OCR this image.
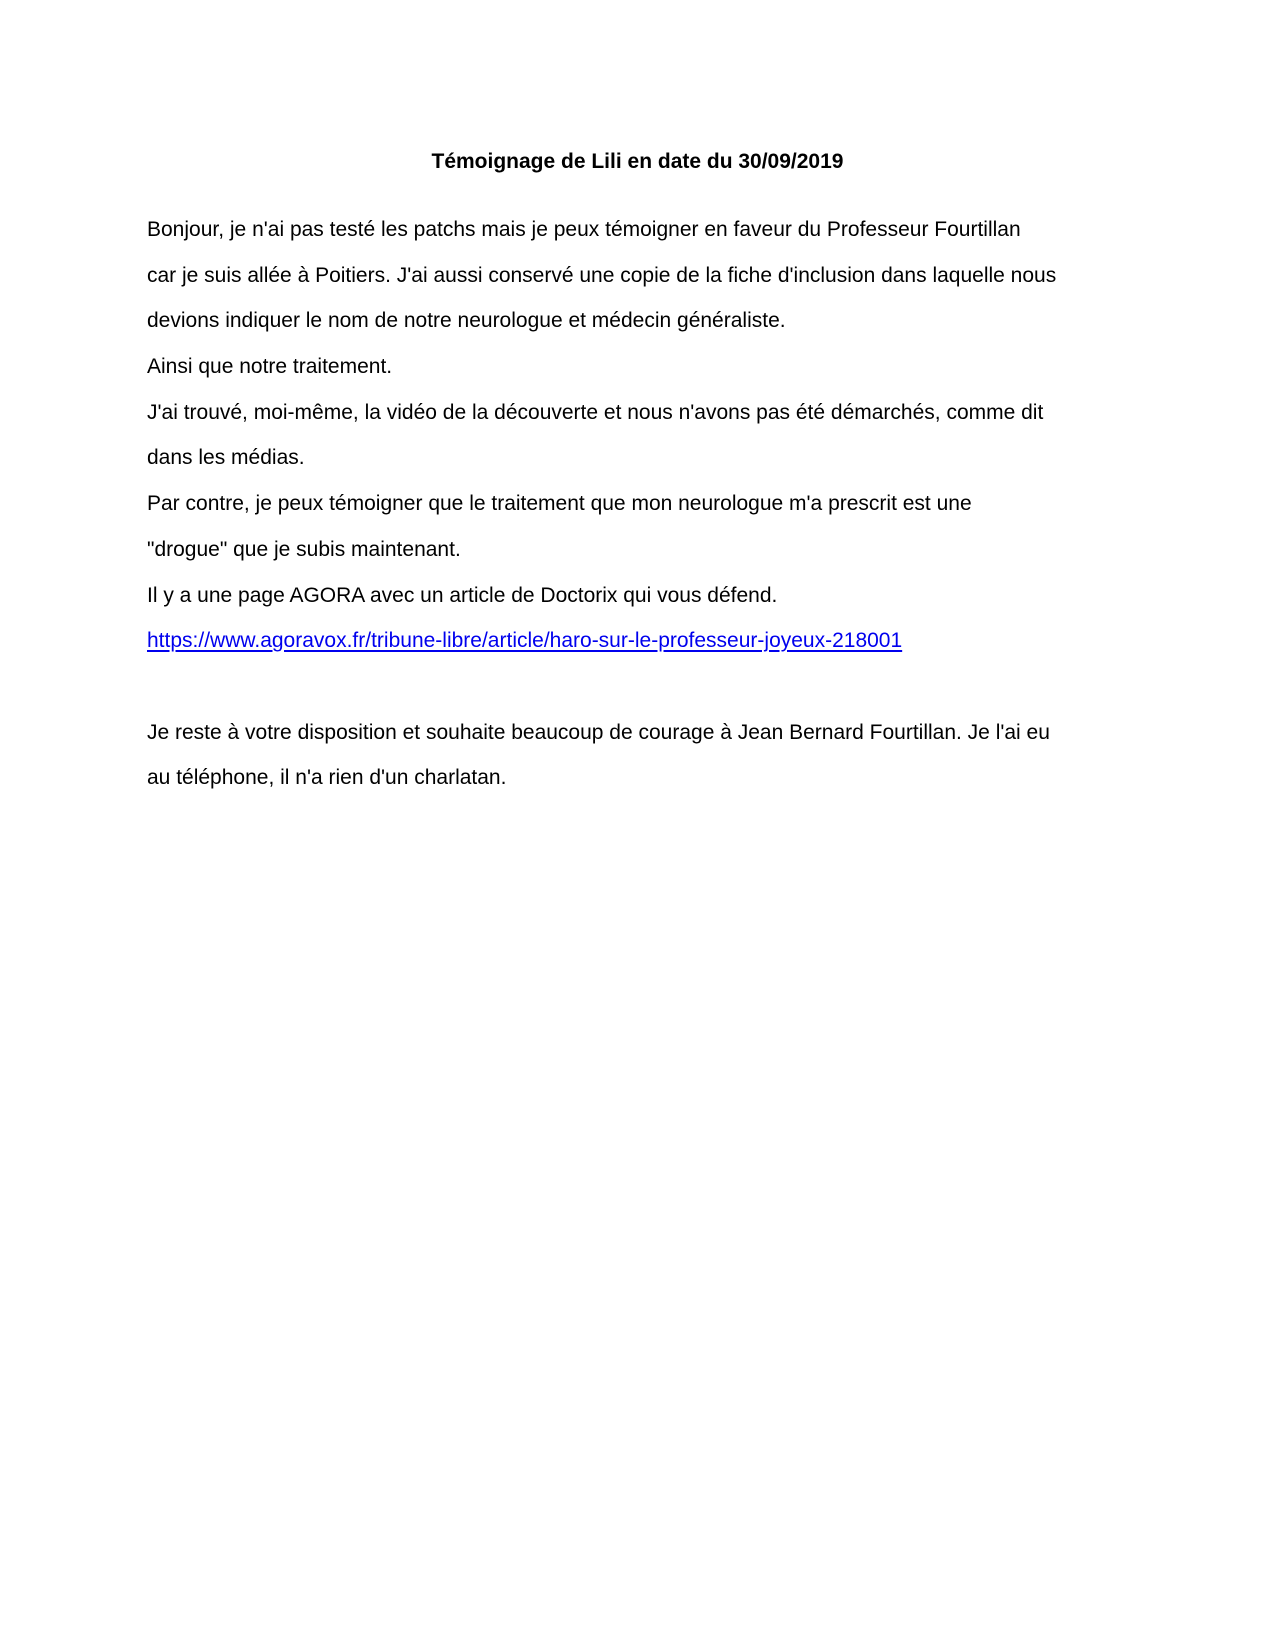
Témoignage de Lili en date du 30/09/2019
Bonjour, je n'ai pas testé les patchs mais je peux témoigner en faveur du Professeur Fourtillan
car je suis allée à Poitiers. J'ai aussi conservé une copie de la fiche d'inclusion dans laquelle nous
devions indiquer le nom de notre neurologue et médecin généraliste.
Ainsi que notre traitement.
J'ai trouvé, moi-même, la vidéo de la découverte et nous n'avons pas été démarchés, comme dit
dans les médias.
Par contre, je peux témoigner que le traitement que mon neurologue m'a prescrit est une
"drogue" que je subis maintenant.
Il y a une page AGORA avec un article de Doctorix qui vous défend.
https://www.agoravox.fr/tribune-libre/article/haro-sur-le-professeur-joyeux-218001
Je reste à votre disposition et souhaite beaucoup de courage à Jean Bernard Fourtillan. Je l'ai eu
au téléphone, il n'a rien d'un charlatan.
